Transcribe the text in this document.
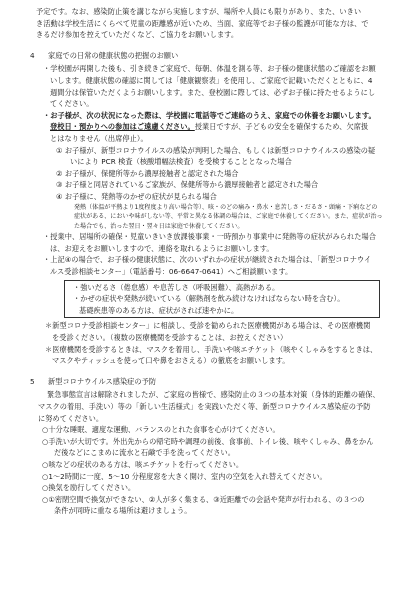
予定です。なお、感染防止策を講じながら実施しますが、場所や人員にも限りがあり、また、いきい

き活動は学校生活にくらべて児童の距離感が近いため、当面、家庭等でお子様の監護が可能な方は、で

きるだけ参加を控えていただくなど、ご協力をお願いします。

4 家庭での日常の健康状態の把握のお願い

・学校園が再開した後も、引き続きご家庭で、毎朝、体温を測る等、お子様の健康状態のご確認をお願

いします。健康状態の確認に関しては「健康観察表」を使用し、ご家庭で記載いただくとともに、4

週間分は保管いただくようお願いします。また、登校園に際しては、必ずお子様に持たせるようにし

てください。

・お子様が、次の状況になった際は、学校園に電話等でご連絡のうえ、家庭での休養をお願いします。

登校日・預かりへの参加はご遠慮ください。授業日ですが、子どもの安全を確保するため、欠席扱

とはなりません（出席停止）。

① お子様が、新型コロナウイルスの感染が判明した場合、もしくは新型コロナウイルスの感染の疑

いにより PCR 検査（核酸増幅法検査）を受検することとなった場合

② お子様が、保健所等から濃厚接触者と認定された場合

③ お子様と同居されているご家族が、保健所等から濃厚接触者と認定された場合

④ お子様に、発熱等のかぜの症状が見られる場合

発熱（体温が平熱より1度程度より高い場合等）、咳・のどの痛み・鼻水・息苦しさ・だるさ・頭痛・下痢などの

症状がある、においや味がしない等、平常と異なる体調の場合は、ご家庭で休養してください。また、症状が治っ

た場合でも、治った翌日・翌々日は家庭で休養してください。

・授業中、居場所の確保・児童いきいき放課後事業・一時預かり事業中に発熱等の症状がみられた場合

は、お迎えをお願いしますので、連絡を取れるようにお願いします。

・上記④の場合で、お子様の健康状態に、次のいずれかの症状が継続された場合は、「新型コロナウイ

ルス受診相談センター」（電話番号：06-6647-0641）へご相談願います。

・強いだるさ（倦怠感）や息苦しさ（呼吸困難）、高熱がある。

・かぜの症状や発熱が続いている（解熱剤を飲み続けなければならない時を含む）。

基礎疾患等のある方は、症状がされば速やかに。

＊新型コロナ受診相談センター」に相談し、受診を勧められた医療機関がある場合は、その医療機関

を受診ください。（複数の医療機関を受診することは、お控えください）

＊医療機関を受診するときは、マスクを着用し、手洗いや咳エチケット（咳やくしゃみをするときは、

マスクやティッシュを使って口や鼻をおさえる）の徹底をお願いします。

5 新型コロナウイルス感染症の予防

緊急事態宣言は解除されましたが、ご家庭の皆様で、感染防止の３つの基本対策（身体的距離の確保、

マスクの着用、手洗い）等の「新しい生活様式」を実践いただく等、新型コロナウイルス感染症の予防

に努めてください。

○十分な睡眠、適度な運動、バランスのとれた食事を心がけてください。

○手洗いが大切です。外出先からの帰宅時や調理の前後、食事前、トイレ後、咳やくしゃみ、鼻をかん

だ後などにこまめに流水と石鹸で手を洗ってください。

○咳などの症状のある方は、咳エチケットを行ってください。

○1～2時間に一度、5～10 分程度窓を大きく開け、室内の空気を入れ替えてください。

○換気を励行してください。

○①密閉空間で換気ができない、②人が多く集まる、③近距離での会話や発声が行われる、の３つの

条件が同時に重なる場所は避けましょう。
